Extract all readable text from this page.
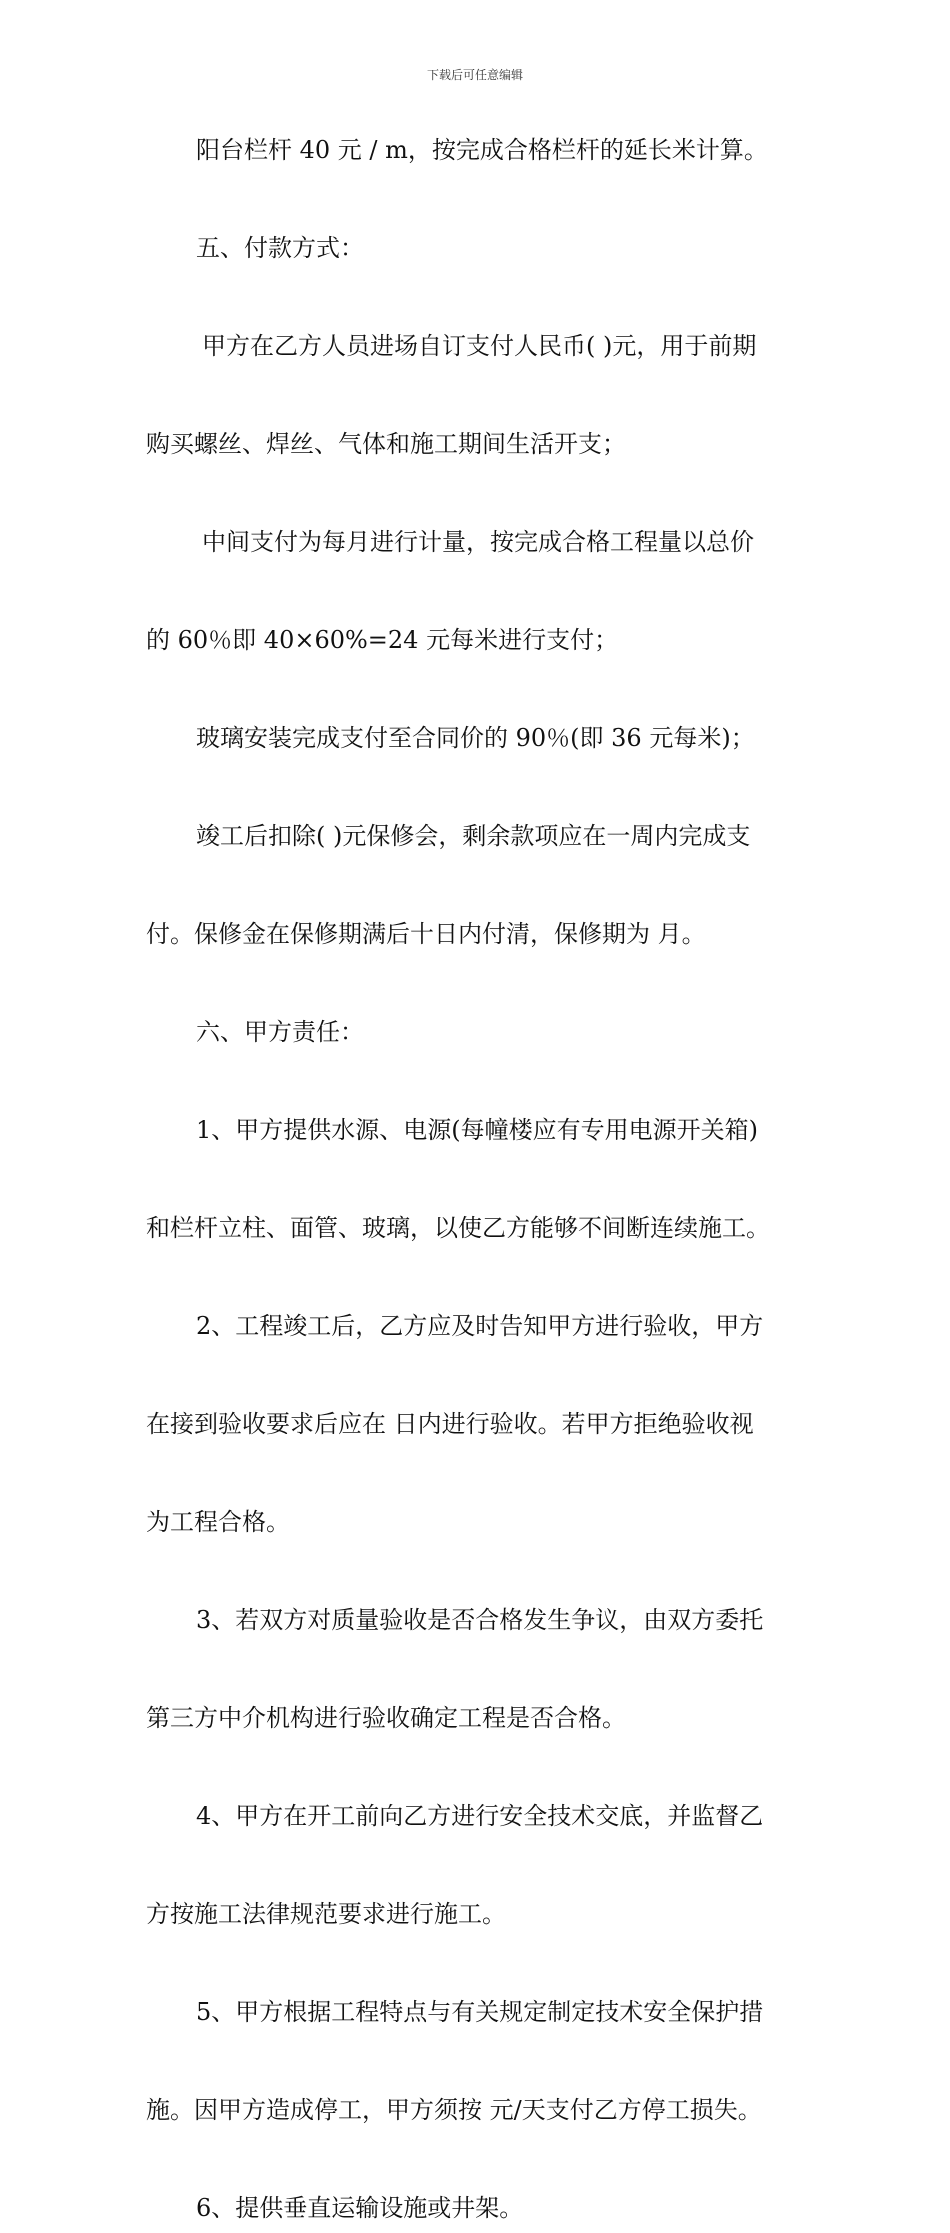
下载后可任意编辑
阳台栏杆 40 元 / m，按完成合格栏杆的延长米计算。
五、付款方式：
甲方在乙方人员进场自订支付人民币( )元，用于前期
购买螺丝、焊丝、气体和施工期间生活开支；
中间支付为每月进行计量，按完成合格工程量以总价
的 60％即 40×60%=24 元每米进行支付；
玻璃安装完成支付至合同价的 90％(即 36 元每米)；
竣工后扣除( )元保修会，剩余款项应在一周内完成支
付。保修金在保修期满后十日内付清，保修期为 月。
六、甲方责任：
1、甲方提供水源、电源(每幢楼应有专用电源开关箱)
和栏杆立柱、面管、玻璃，以使乙方能够不间断连续施工。
2、工程竣工后，乙方应及时告知甲方进行验收，甲方
在接到验收要求后应在 日内进行验收。若甲方拒绝验收视
为工程合格。
3、若双方对质量验收是否合格发生争议，由双方委托
第三方中介机构进行验收确定工程是否合格。
4、甲方在开工前向乙方进行安全技术交底，并监督乙
方按施工法律规范要求进行施工。
5、甲方根据工程特点与有关规定制定技术安全保护措
施。因甲方造成停工，甲方须按 元/天支付乙方停工损失。
6、提供垂直运输设施或井架。
